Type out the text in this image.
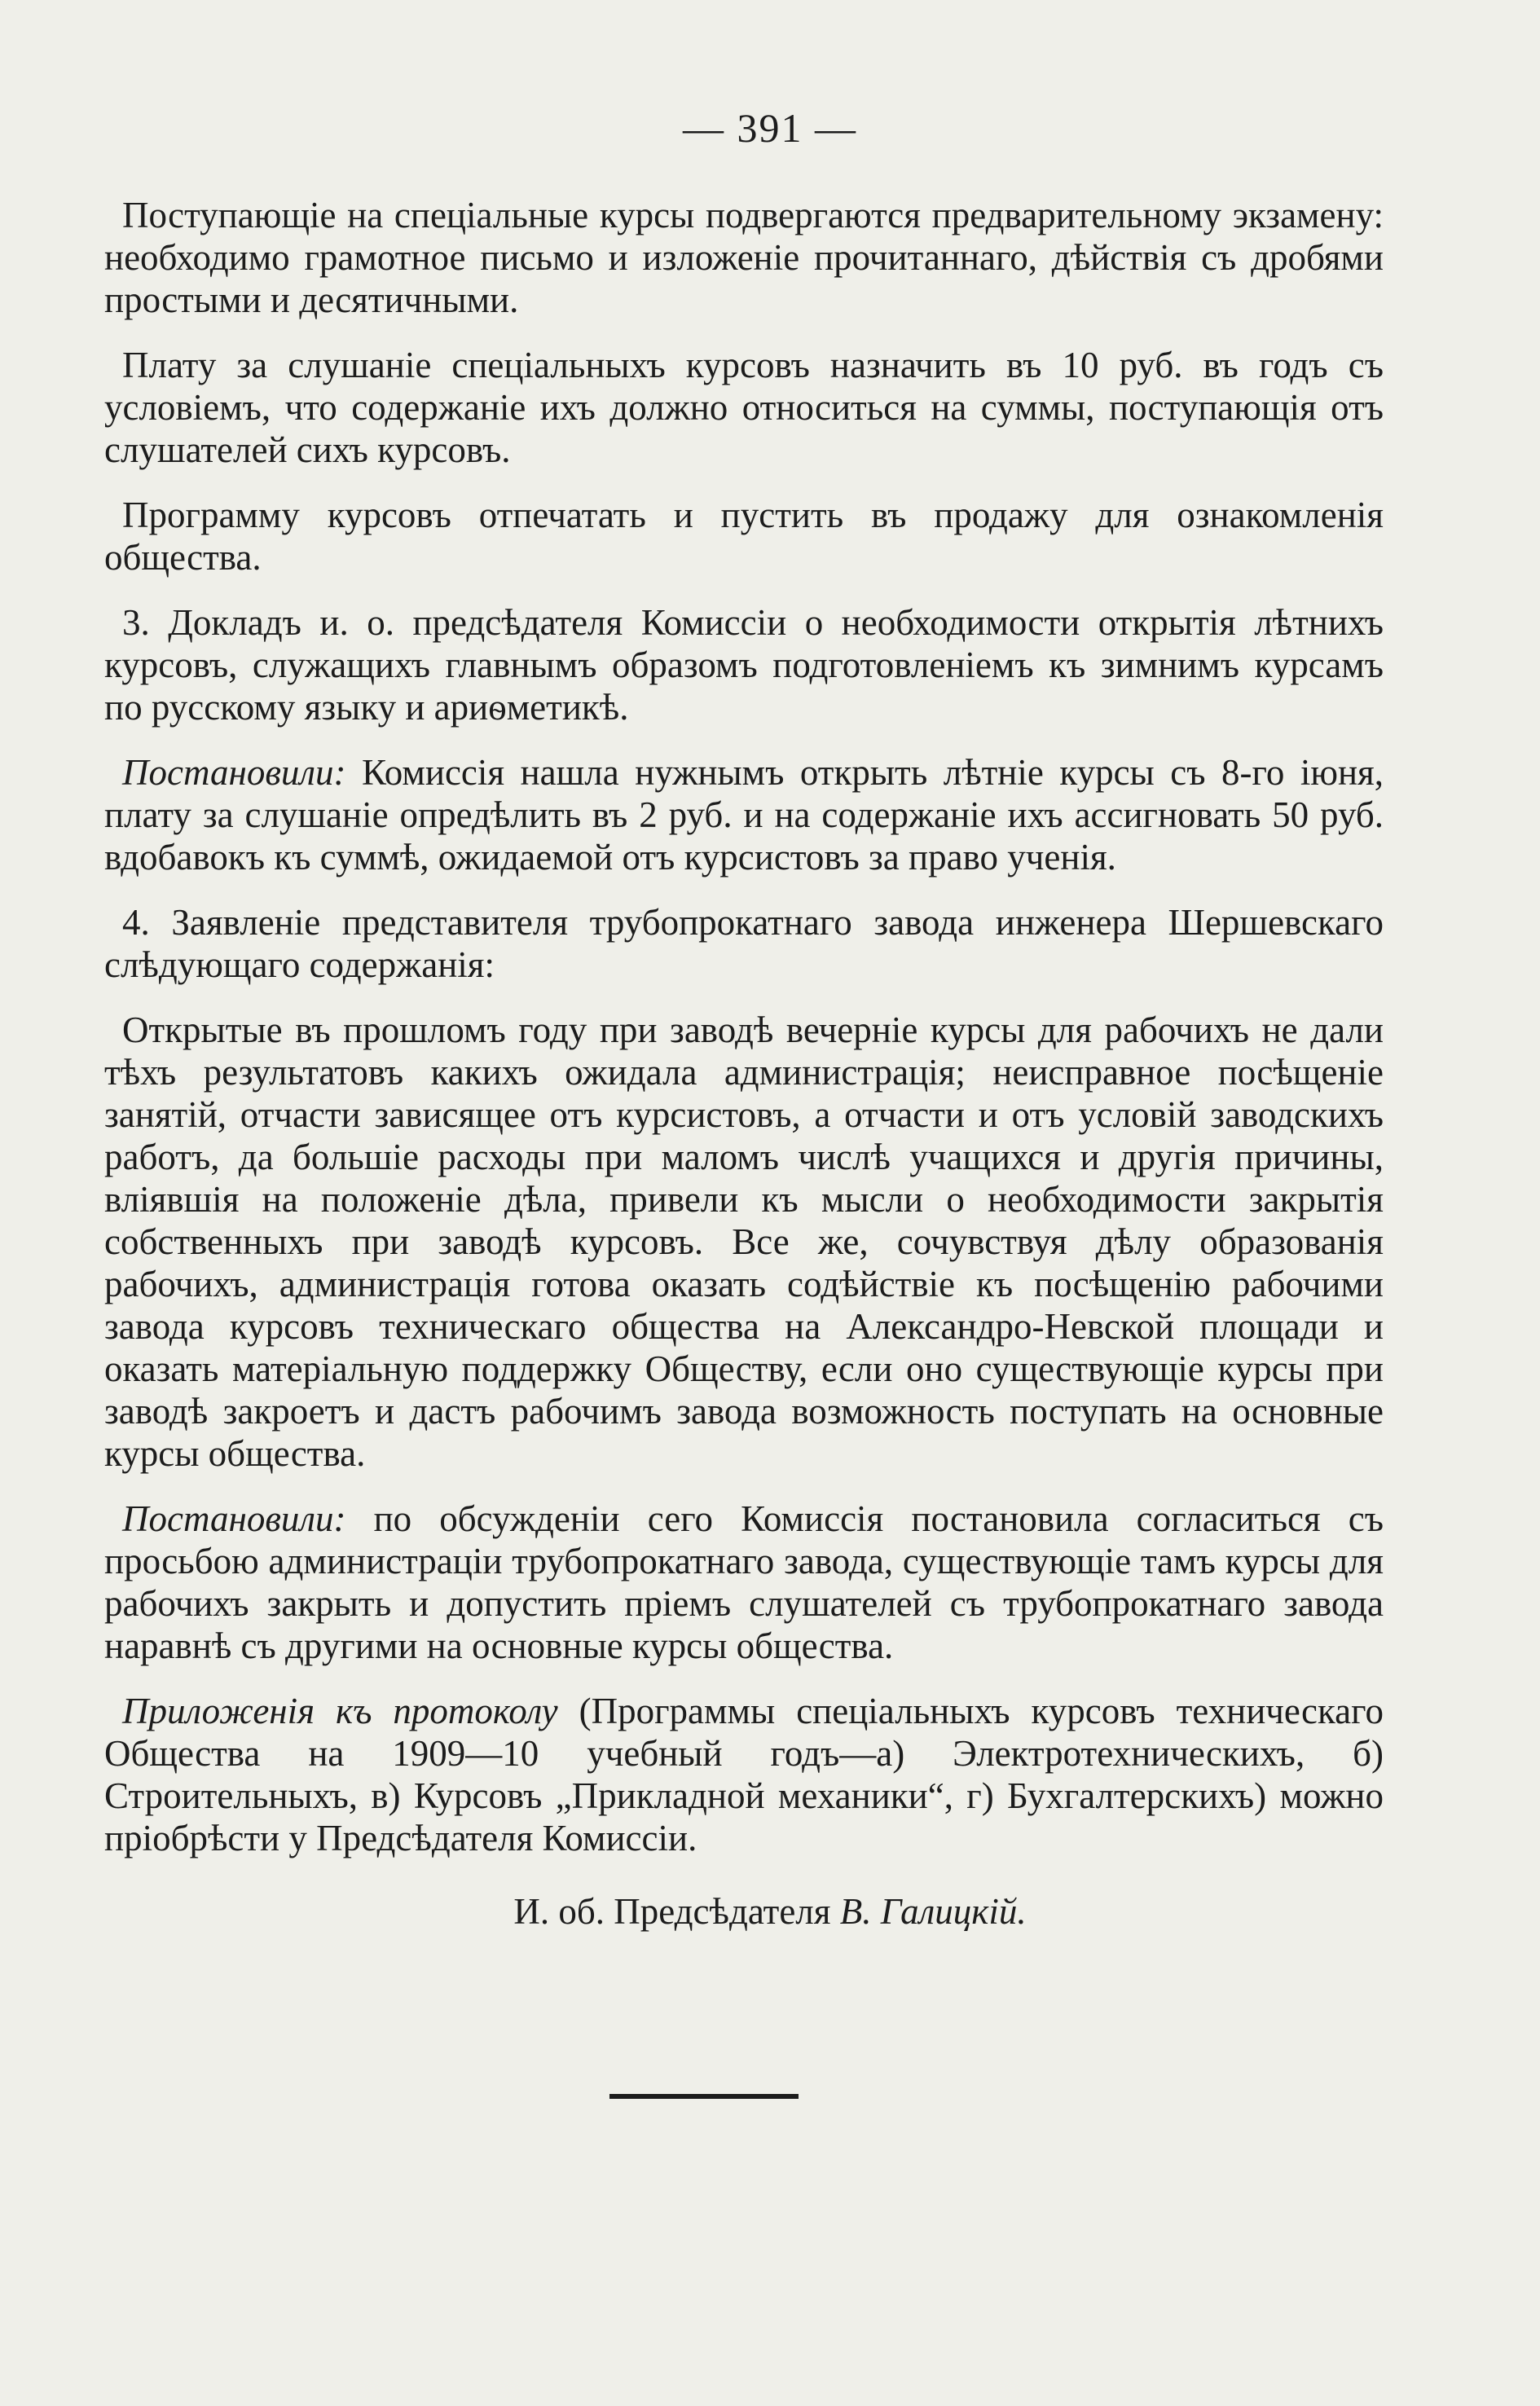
— 391 —

Поступающіе на спеціальные курсы подвергаются предварительному экзамену: необходимо грамотное письмо и изложеніе прочитаннаго, дѣйствія съ дробями простыми и десятичными.

Плату за слушаніе спеціальныхъ курсовъ назначить въ 10 руб. въ годъ съ условіемъ, что содержаніе ихъ должно относиться на суммы, поступающія отъ слушателей сихъ курсовъ.

Программу курсовъ отпечатать и пустить въ продажу для ознакомленія общества.

3. Докладъ и. о. предсѣдателя Комиссіи о необходимости открытія лѣтнихъ курсовъ, служащихъ главнымъ образомъ подготовленіемъ къ зимнимъ курсамъ по русскому языку и ариѳметикѣ.

Постановили: Комиссія нашла нужнымъ открыть лѣтніе курсы съ 8-го іюня, плату за слушаніе опредѣлить въ 2 руб. и на содержаніе ихъ ассигновать 50 руб. вдобавокъ къ суммѣ, ожидаемой отъ курсистовъ за право ученія.

4. Заявленіе представителя трубопрокатнаго завода инженера Шершевскаго слѣдующаго содержанія:

Открытые въ прошломъ году при заводѣ вечерніе курсы для рабочихъ не дали тѣхъ результатовъ какихъ ожидала администрація; неисправное посѣщеніе занятій, отчасти зависящее отъ курсистовъ, а отчасти и отъ условій заводскихъ работъ, да большіе расходы при маломъ числѣ учащихся и другія причины, вліявшія на положеніе дѣла, привели къ мысли о необходимости закрытія собственныхъ при заводѣ курсовъ. Все же, сочувствуя дѣлу образованія рабочихъ, администрація готова оказать содѣйствіе къ посѣщенію рабочими завода курсовъ техническаго общества на Александро-Невской площади и оказать матеріальную поддержку Обществу, если оно существующіе курсы при заводѣ закроетъ и дастъ рабочимъ завода возможность поступать на основные курсы общества.

Постановили: по обсужденіи сего Комиссія постановила согласиться съ просьбою администраціи трубопрокатнаго завода, существующіе тамъ курсы для рабочихъ закрыть и допустить пріемъ слушателей съ трубопрокатнаго завода наравнѣ съ другими на основные курсы общества.

Приложенія къ протоколу (Программы спеціальныхъ курсовъ техническаго Общества на 1909—10 учебный годъ—а) Электротехническихъ, б) Строительныхъ, в) Курсовъ „Прикладной механики“, г) Бухгалтерскихъ) можно пріобрѣсти у Предсѣдателя Комиссіи.

И. об. Предсѣдателя В. Галицкій.
